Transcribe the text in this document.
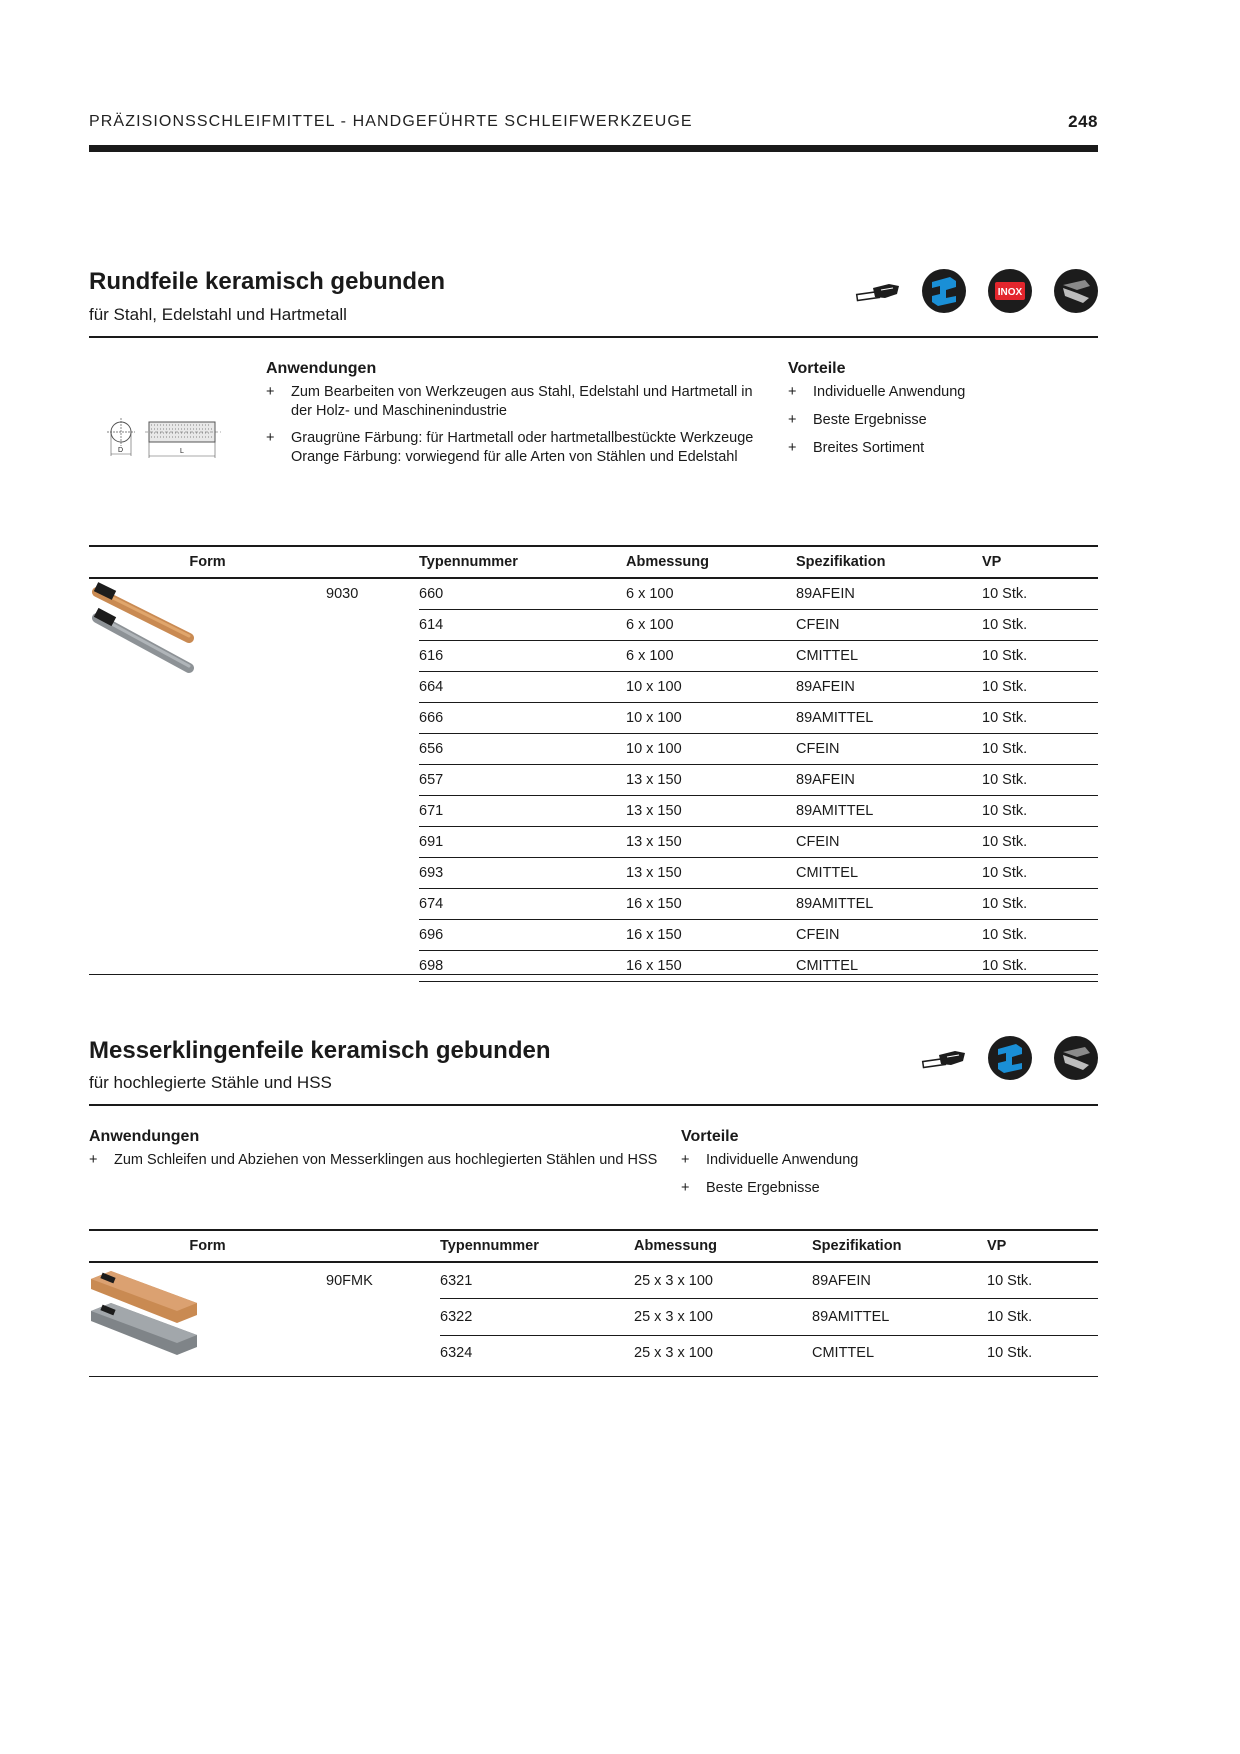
PRÄZISIONSSCHLEIFMITTEL - HANDGEFÜHRTE SCHLEIFWERKZEUGE	248
Rundfeile keramisch gebunden
für Stahl, Edelstahl und Hartmetall
INOX
D	L
Anwendungen
+ Zum Bearbeiten von Werkzeugen aus Stahl, Edelstahl und Hartmetall in
der Holz- und Maschinenindustrie
+ Graugrüne Färbung: für Hartmetall oder hartmetallbestückte Werkzeuge
Orange Färbung: vorwiegend für alle Arten von Stählen und Edelstahl
Vorteile
+ Individuelle Anwendung
+ Beste Ergebnisse
+ Breites Sortiment
Form		Typennummer	Abmessung	Spezifikation	VP
	9030	660	6 x 100	89AFEIN	10 Stk.
		614	6 x 100	CFEIN	10 Stk.
		616	6 x 100	CMITTEL	10 Stk.
		664	10 x 100	89AFEIN	10 Stk.
		666	10 x 100	89AMITTEL	10 Stk.
		656	10 x 100	CFEIN	10 Stk.
		657	13 x 150	89AFEIN	10 Stk.
		671	13 x 150	89AMITTEL	10 Stk.
		691	13 x 150	CFEIN	10 Stk.
		693	13 x 150	CMITTEL	10 Stk.
		674	16 x 150	89AMITTEL	10 Stk.
		696	16 x 150	CFEIN	10 Stk.
		698	16 x 150	CMITTEL	10 Stk.
Messerklingenfeile keramisch gebunden
für hochlegierte Stähle und HSS
Anwendungen
+ Zum Schleifen und Abziehen von Messerklingen aus hochlegierten Stählen und HSS
Vorteile
+ Individuelle Anwendung
+ Beste Ergebnisse
Form		Typennummer	Abmessung	Spezifikation	VP
	90FMK	6321	25 x 3 x 100	89AFEIN	10 Stk.
		6322	25 x 3 x 100	89AMITTEL	10 Stk.
		6324	25 x 3 x 100	CMITTEL	10 Stk.
